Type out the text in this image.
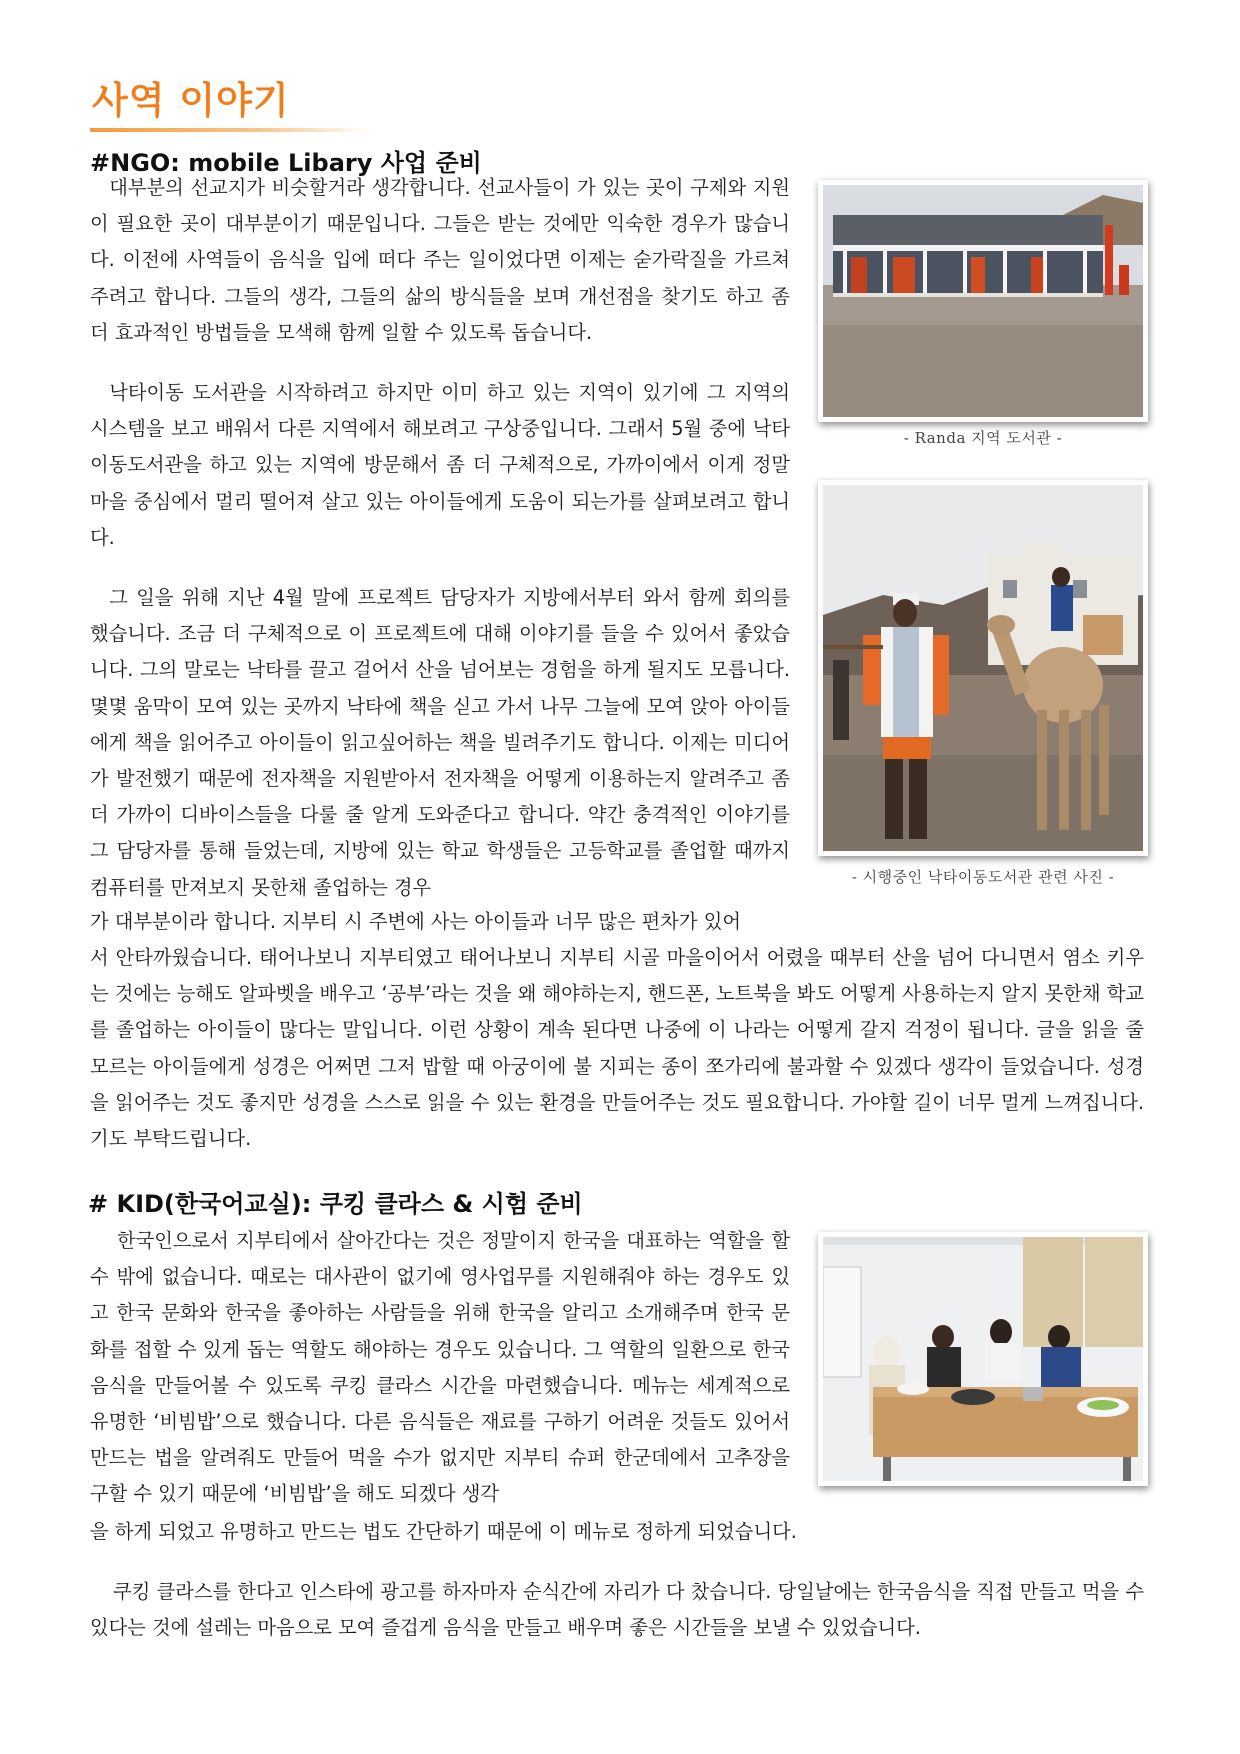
사역 이야기
#NGO: mobile Libary 사업 준비

대부분의 선교지가 비슷할거라 생각합니다. 선교사들이 가 있는 곳이 구제와 지원이 필요한 곳이 대부분이기 때문입니다. 그들은 받는 것에만 익숙한 경우가 많습니다. 이전에 사역들이 음식을 입에 떠다 주는 일이었다면 이제는 숟가락질을 가르쳐 주려고 합니다. 그들의 생각, 그들의 삶의 방식들을 보며 개선점을 찾기도 하고 좀 더 효과적인 방법들을 모색해 함께 일할 수 있도록 돕습니다.

낙타이동 도서관을 시작하려고 하지만 이미 하고 있는 지역이 있기에 그 지역의 시스템을 보고 배워서 다른 지역에서 해보려고 구상중입니다. 그래서 5월 중에 낙타이동도서관을 하고 있는 지역에 방문해서 좀 더 구체적으로, 가까이에서 이게 정말 마을 중심에서 멀리 떨어져 살고 있는 아이들에게 도움이 되는가를 살펴보려고 합니다.

그 일을 위해 지난 4월 말에 프로젝트 담당자가 지방에서부터 와서 함께 회의를 했습니다. 조금 더 구체적으로 이 프로젝트에 대해 이야기를 들을 수 있어서 좋았습니다. 그의 말로는 낙타를 끌고 걸어서 산을 넘어보는 경험을 하게 될지도 모릅니다. 몇몇 움막이 모여 있는 곳까지 낙타에 책을 싣고 가서 나무 그늘에 모여 앉아 아이들에게 책을 읽어주고 아이들이 읽고싶어하는 책을 빌려주기도 합니다. 이제는 미디어가 발전했기 때문에 전자책을 지원받아서 전자책을 어떻게 이용하는지 알려주고 좀 더 가까이 디바이스들을 다룰 줄 알게 도와준다고 합니다. 약간 충격적인 이야기를 그 담당자를 통해 들었는데, 지방에 있는 학교 학생들은 고등학교를 졸업할 때까지 컴퓨터를 만져보지 못한채 졸업하는 경우

가 대부분이라 합니다. 지부티 시 주변에 사는 아이들과 너무 많은 편차가 있어

서 안타까웠습니다. 태어나보니 지부티였고 태어나보니 지부티 시골 마을이어서 어렸을 때부터 산을 넘어 다니면서 염소 키우는 것에는 능해도 알파벳을 배우고 ‘공부’라는 것을 왜 해야하는지, 핸드폰, 노트북을 봐도 어떻게 사용하는지 알지 못한채 학교를 졸업하는 아이들이 많다는 말입니다. 이런 상황이 계속 된다면 나중에 이 나라는 어떻게 갈지 걱정이 됩니다. 글을 읽을 줄 모르는 아이들에게 성경은 어쩌면 그저 밥할 때 아궁이에 불 지피는 종이 쪼가리에 불과할 수 있겠다 생각이 들었습니다. 성경을 읽어주는 것도 좋지만 성경을 스스로 읽을 수 있는 환경을 만들어주는 것도 필요합니다. 가야할 길이 너무 멀게 느껴집니다. 기도 부탁드립니다.

- Randa 지역 도서관 -
- 시행중인 낙타이동도서관 관련 사진 -
# KID(한국어교실): 쿠킹 클라스 & 시험 준비

한국인으로서 지부티에서 살아간다는 것은 정말이지 한국을 대표하는 역할을 할 수 밖에 없습니다. 때로는 대사관이 없기에 영사업무를 지원해줘야 하는 경우도 있고 한국 문화와 한국을 좋아하는 사람들을 위해 한국을 알리고 소개해주며 한국 문화를 접할 수 있게 돕는 역할도 해야하는 경우도 있습니다. 그 역할의 일환으로 한국 음식을 만들어볼 수 있도록 쿠킹 클라스 시간을 마련했습니다. 메뉴는 세계적으로 유명한 ‘비빔밥’으로 했습니다. 다른 음식들은 재료를 구하기 어려운 것들도 있어서 만드는 법을 알려줘도 만들어 먹을 수가 없지만 지부티 슈퍼 한군데에서 고추장을 구할 수 있기 때문에 ‘비빔밥’을 해도 되겠다 생각

을 하게 되었고 유명하고 만드는 법도 간단하기 때문에 이 메뉴로 정하게 되었습니다.

쿠킹 클라스를 한다고 인스타에 광고를 하자마자 순식간에 자리가 다 찼습니다. 당일날에는 한국음식을 직접 만들고 먹을 수 있다는 것에 설레는 마음으로 모여 즐겁게 음식을 만들고 배우며 좋은 시간들을 보낼 수 있었습니다.
